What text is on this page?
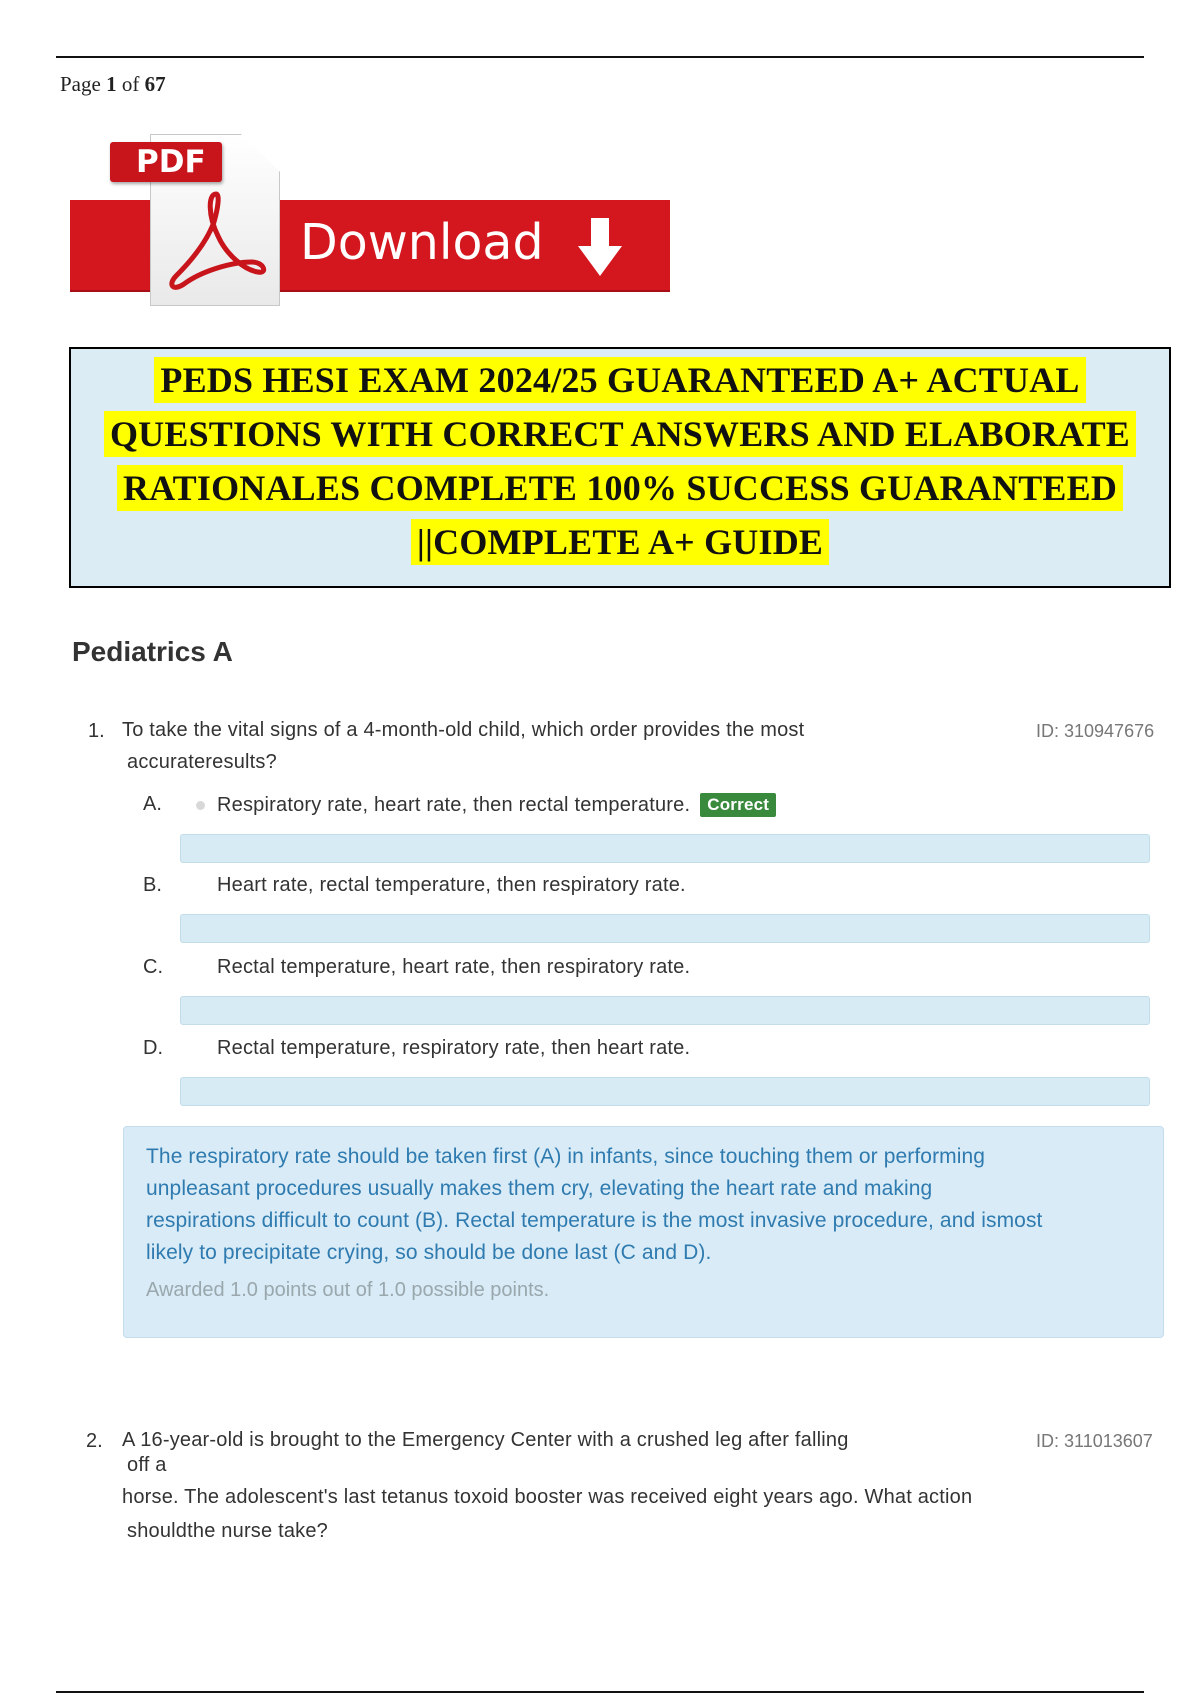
Page 1 of 67
Download
PDF
PEDS HESI EXAM 2024/25 GUARANTEED A+ ACTUAL
QUESTIONS WITH CORRECT ANSWERS AND ELABORATE
RATIONALES COMPLETE 100% SUCCESS GUARANTEED
||COMPLETE A+ GUIDE
Pediatrics A
1. To take the vital signs of a 4-month-old child, which order provides the most
accurateresults?
ID: 310947676
A.	Respiratory rate, heart rate, then rectal temperature. Correct
B.	Heart rate, rectal temperature, then respiratory rate.
C.	Rectal temperature, heart rate, then respiratory rate.
D.	Rectal temperature, respiratory rate, then heart rate.
The respiratory rate should be taken first (A) in infants, since touching them or performing unpleasant procedures usually makes them cry, elevating the heart rate and making respirations difficult to count (B). Rectal temperature is the most invasive procedure, and ismost likely to precipitate crying, so should be done last (C and D).
Awarded 1.0 points out of 1.0 possible points.
2. A 16-year-old is brought to the Emergency Center with a crushed leg after falling
off a
horse. The adolescent's last tetanus toxoid booster was received eight years ago. What action
shouldthe nurse take?
ID: 311013607
